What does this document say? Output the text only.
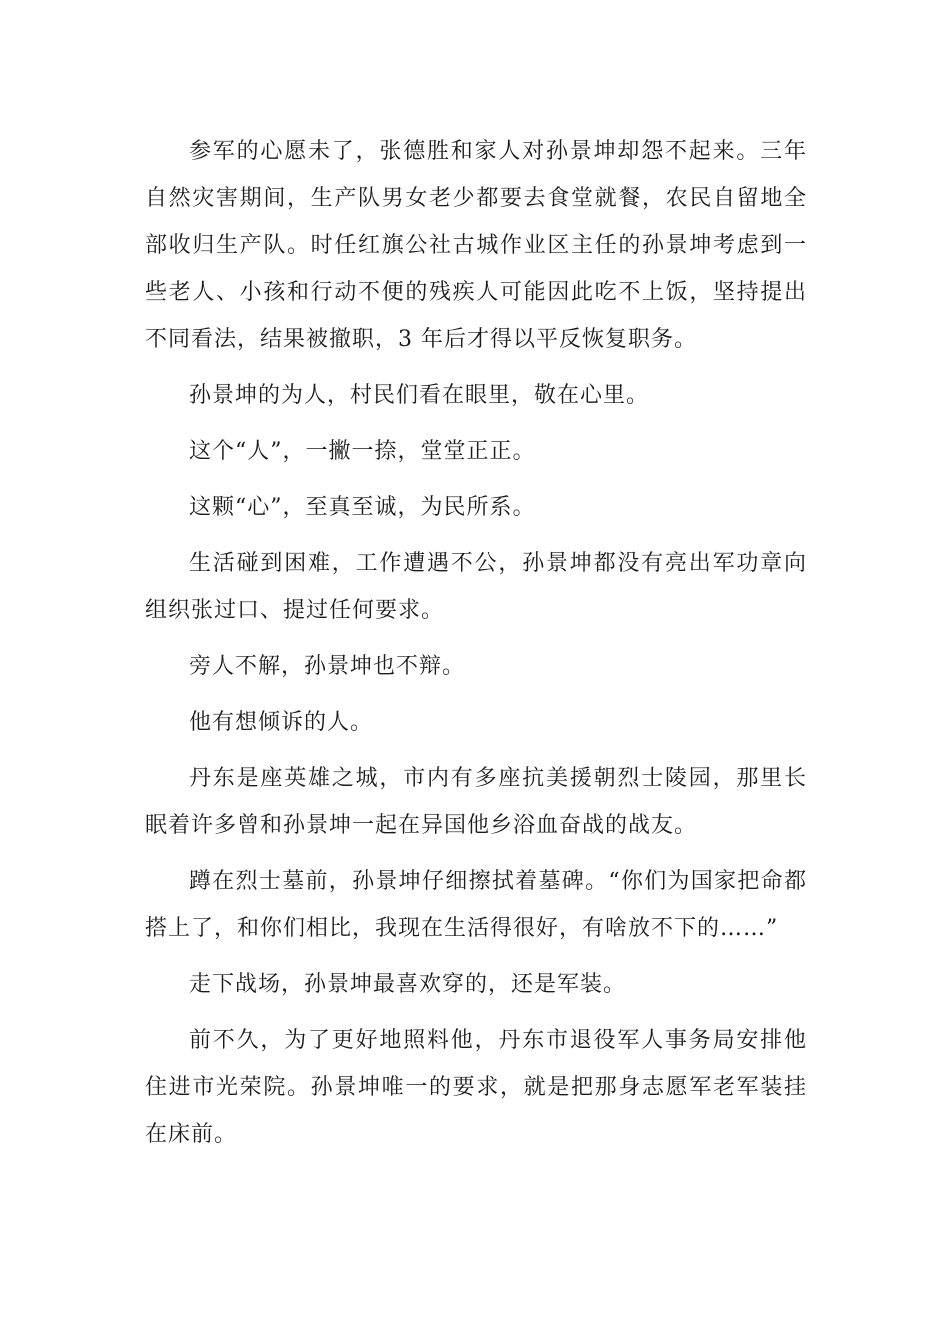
参军的心愿未了，张德胜和家人对孙景坤却怨不起来。三年自然灾害期间，生产队男女老少都要去食堂就餐，农民自留地全部收归生产队。时任红旗公社古城作业区主任的孙景坤考虑到一些老人、小孩和行动不便的残疾人可能因此吃不上饭，坚持提出不同看法，结果被撤职，3 年后才得以平反恢复职务。

孙景坤的为人，村民们看在眼里，敬在心里。

这个“人”，一撇一捺，堂堂正正。

这颗“心”，至真至诚，为民所系。

生活碰到困难，工作遭遇不公，孙景坤都没有亮出军功章向组织张过口、提过任何要求。

旁人不解，孙景坤也不辩。

他有想倾诉的人。

丹东是座英雄之城，市内有多座抗美援朝烈士陵园，那里长眠着许多曾和孙景坤一起在异国他乡浴血奋战的战友。

蹲在烈士墓前，孙景坤仔细擦拭着墓碑。“你们为国家把命都搭上了，和你们相比，我现在生活得很好，有啥放不下的……”

走下战场，孙景坤最喜欢穿的，还是军装。

前不久，为了更好地照料他，丹东市退役军人事务局安排他住进市光荣院。孙景坤唯一的要求，就是把那身志愿军老军装挂在床前。
